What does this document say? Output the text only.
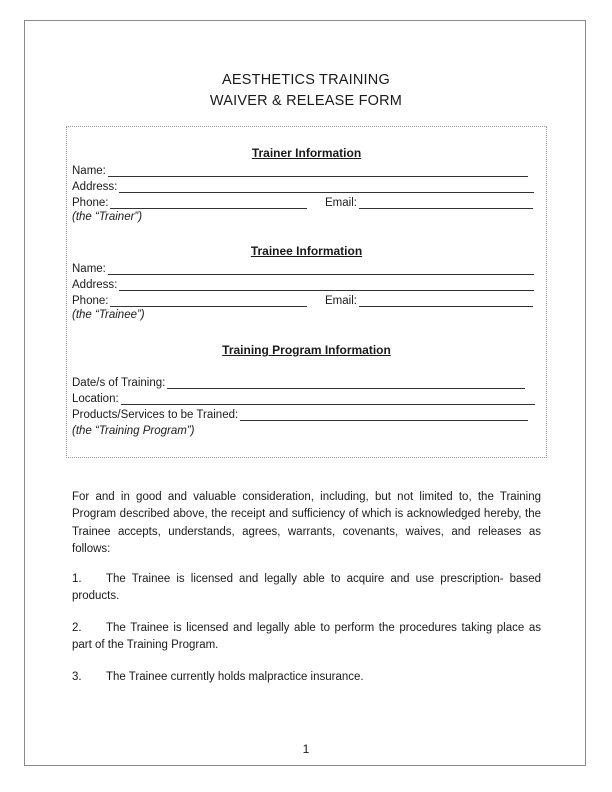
AESTHETICS TRAINING
WAIVER & RELEASE FORM
Trainer Information
Name:
Address:
Phone:	Email:
(the “Trainer”)
Trainee Information
Name:
Address:
Phone:	Email:
(the “Trainee”)
Training Program Information
Date/s of Training:
Location:
Products/Services to be Trained:
(the “Training Program”)
For and in good and valuable consideration, including, but not limited to, the Training Program described above, the receipt and sufficiency of which is acknowledged hereby, the Trainee accepts, understands, agrees, warrants, covenants, waives, and releases as follows:
1. The Trainee is licensed and legally able to acquire and use prescription- based products.
2. The Trainee is licensed and legally able to perform the procedures taking place as part of the Training Program.
3. The Trainee currently holds malpractice insurance.
1
